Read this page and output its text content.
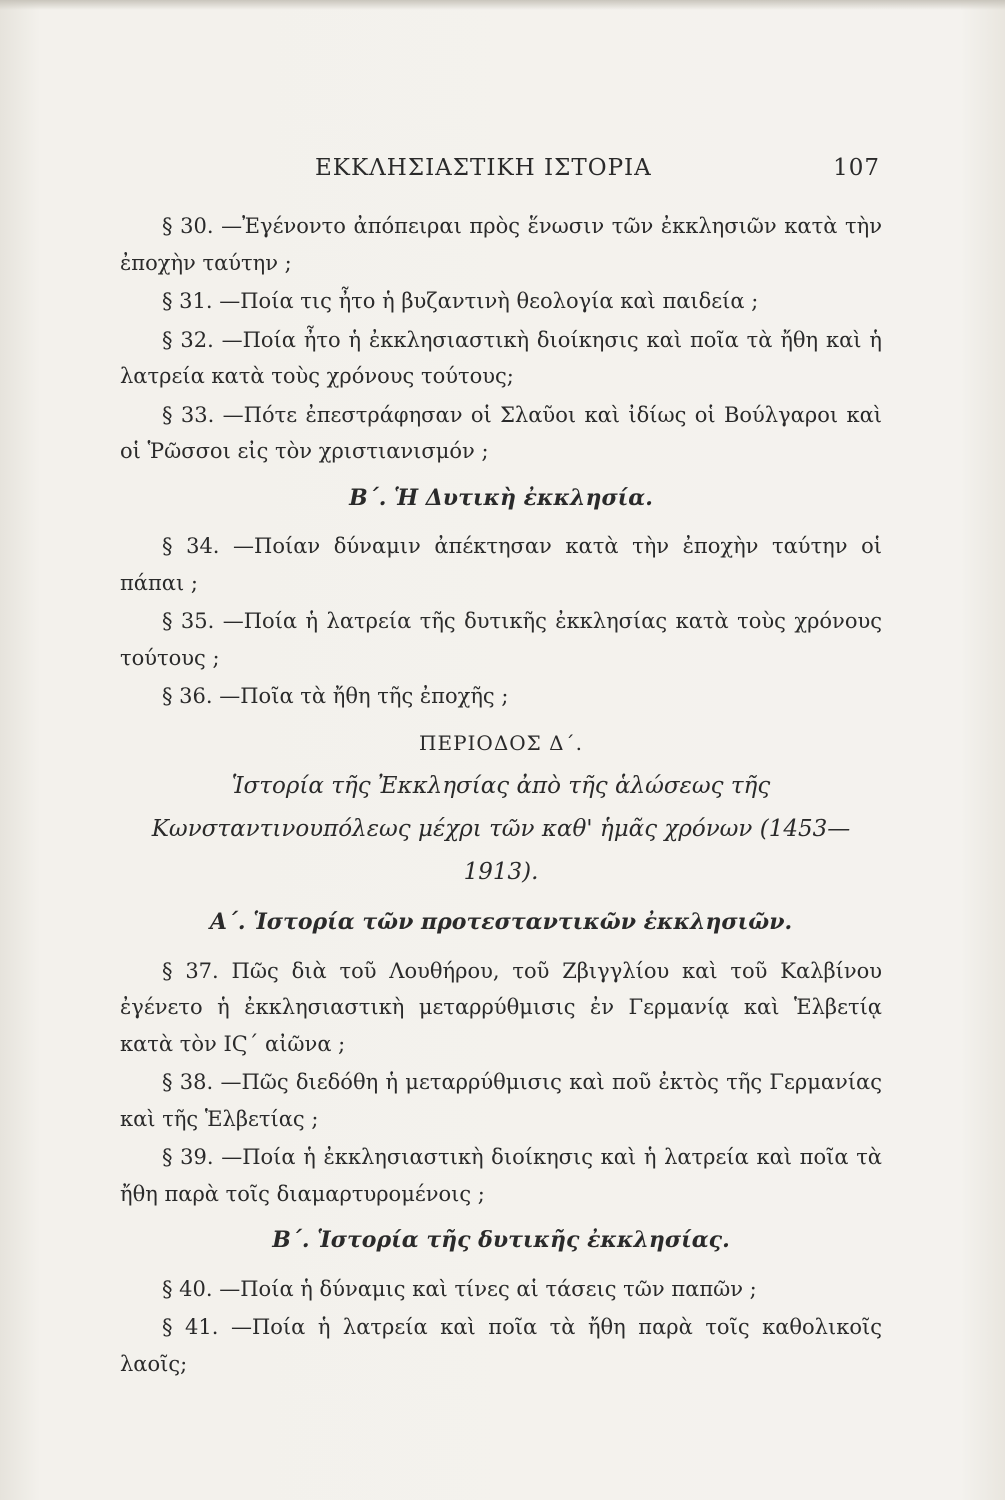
ΕΚΚΛΗΣΙΑΣΤΙΚΗ ΙΣΤΟΡΙΑ	107

§ 30. —Ἐγένοντο ἀπόπειραι πρὸς ἕνωσιν τῶν ἐκκλησιῶν κατὰ τὴν ἐποχὴν ταύτην ;

§ 31. —Ποία τις ἦτο ἡ βυζαντινὴ θεολογία καὶ παιδεία ;

§ 32. —Ποία ἦτο ἡ ἐκκλησιαστικὴ διοίκησις καὶ ποῖα τὰ ἤθη καὶ ἡ λατρεία κατὰ τοὺς χρόνους τούτους;

§ 33. —Πότε ἐπεστράφησαν οἱ Σλαῦοι καὶ ἰδίως οἱ Βούλγαροι καὶ οἱ Ῥῶσσοι εἰς τὸν χριστιανισμόν ;

Β΄. Ἡ Δυτικὴ ἐκκλησία.

§ 34. —Ποίαν δύναμιν ἀπέκτησαν κατὰ τὴν ἐποχὴν ταύτην οἱ πάπαι ;

§ 35. —Ποία ἡ λατρεία τῆς δυτικῆς ἐκκλησίας κατὰ τοὺς χρόνους τούτους ;

§ 36. —Ποῖα τὰ ἤθη τῆς ἐποχῆς ;

ΠΕΡΙΟΔΟΣ Δ΄.
Ἱστορία τῆς Ἐκκλησίας ἀπὸ τῆς ἁλώσεως τῆς Κωνσταντινουπόλεως μέχρι τῶν καθ' ἡμᾶς χρόνων (1453—1913).
Α΄. Ἱστορία τῶν προτεσταντικῶν ἐκκλησιῶν.

§ 37. Πῶς διὰ τοῦ Λουθήρου, τοῦ Ζβιγγλίου καὶ τοῦ Καλβίνου ἐγένετο ἡ ἐκκλησιαστικὴ μεταρρύθμισις ἐν Γερμανίᾳ καὶ Ἑλβετίᾳ κατὰ τὸν ΙϚ΄ αἰῶνα ;

§ 38. —Πῶς διεδόθη ἡ μεταρρύθμισις καὶ ποῦ ἐκτὸς τῆς Γερμανίας καὶ τῆς Ἑλβετίας ;

§ 39. —Ποία ἡ ἐκκλησιαστικὴ διοίκησις καὶ ἡ λατρεία καὶ ποῖα τὰ ἤθη παρὰ τοῖς διαμαρτυρομένοις ;

Β΄. Ἱστορία τῆς δυτικῆς ἐκκλησίας.

§ 40. —Ποία ἡ δύναμις καὶ τίνες αἱ τάσεις τῶν παπῶν ;

§ 41. —Ποία ἡ λατρεία καὶ ποῖα τὰ ἤθη παρὰ τοῖς καθολικοῖς λαοῖς;
